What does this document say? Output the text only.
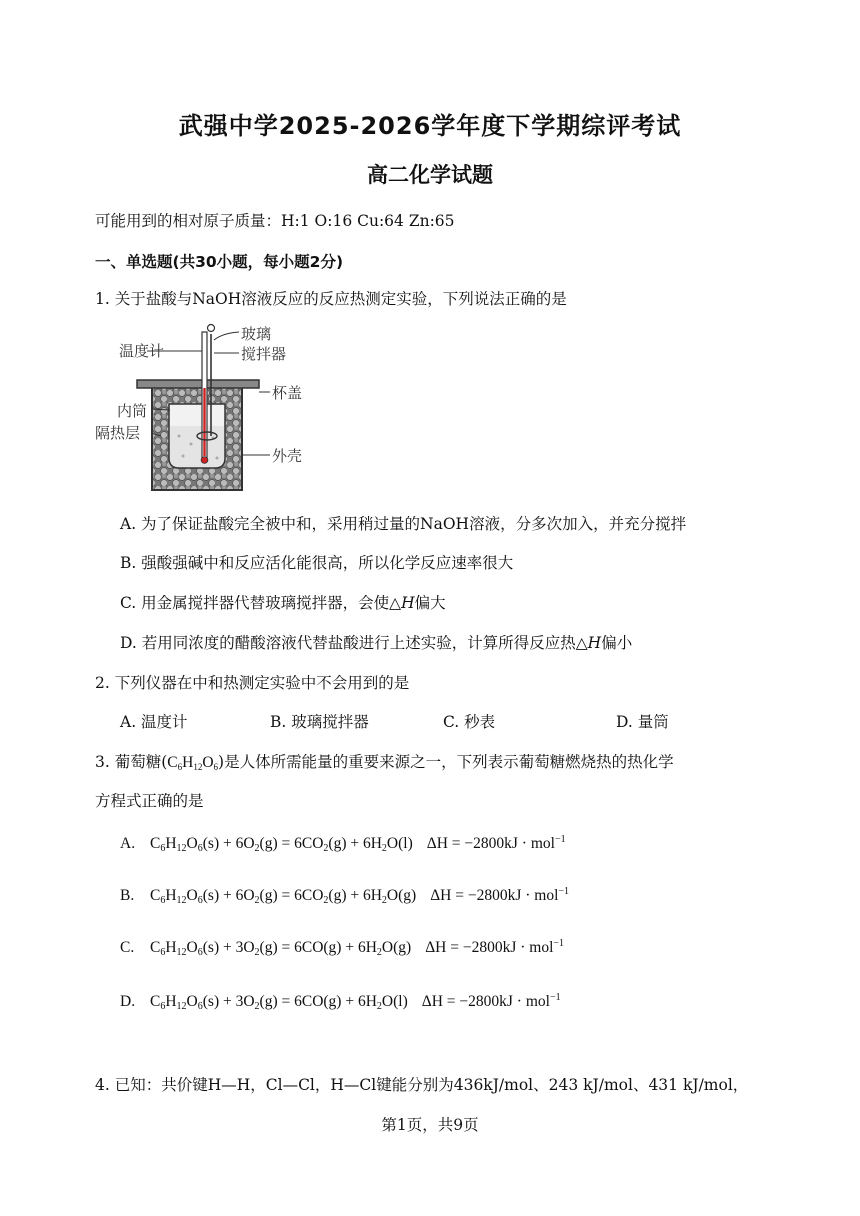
武强中学2025-2026学年度下学期综评考试
高二化学试题
可能用到的相对原子质量：H:1 O:16 Cu:64 Zn:65
一、单选题(共30小题，每小题2分)
1. 关于盐酸与NaOH溶液反应的反应热测定实验，下列说法正确的是
温度计
玻璃
搅拌器
杯盖
内筒
隔热层
外壳
A. 为了保证盐酸完全被中和，采用稍过量的NaOH溶液，分多次加入，并充分搅拌
B. 强酸强碱中和反应活化能很高，所以化学反应速率很大
C. 用金属搅拌器代替玻璃搅拌器，会使△H偏大
D. 若用同浓度的醋酸溶液代替盐酸进行上述实验，计算所得反应热△H偏小
2. 下列仪器在中和热测定实验中不会用到的是
A. 温度计	B. 玻璃搅拌器	C. 秒表	D. 量筒
3. 葡萄糖$(C_6H_{12}O_6)$是人体所需能量的重要来源之一，下列表示葡萄糖燃烧热的热化学
方程式正确的是
A. $C_6H_{12}O_6(s) + 6O_2(g) = 6CO_2(g) + 6H_2O(l) \Delta H = -2800kJ \cdot mol^{-1}$
B. $C_6H_{12}O_6(s) + 6O_2(g) = 6CO_2(g) + 6H_2O(g) \Delta H = -2800kJ \cdot mol^{-1}$
C. $C_6H_{12}O_6(s) + 3O_2(g) = 6CO(g) + 6H_2O(g) \Delta H = -2800kJ \cdot mol^{-1}$
D. $C_6H_{12}O_6(s) + 3O_2(g) = 6CO(g) + 6H_2O(l) \Delta H = -2800kJ \cdot mol^{-1}$
4. 已知：共价键H—H，Cl—Cl，H—Cl键能分别为436kJ/mol、243 kJ/mol、431 kJ/mol，
第1页，共9页
